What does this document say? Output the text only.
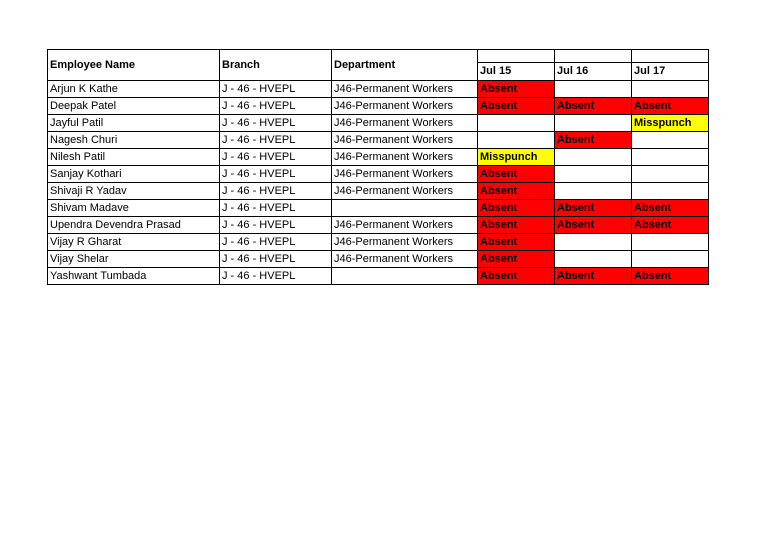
Employee Name	Branch	Department			
			Jul 15	Jul 16	Jul 17
Arjun K Kathe	J - 46 - HVEPL	J46-Permanent Workers	Absent		
Deepak Patel	J - 46 - HVEPL	J46-Permanent Workers	Absent	Absent	Absent
Jayful Patil	J - 46 - HVEPL	J46-Permanent Workers			Misspunch
Nagesh Churi	J - 46 - HVEPL	J46-Permanent Workers		Absent	
Nilesh Patil	J - 46 - HVEPL	J46-Permanent Workers	Misspunch		
Sanjay Kothari	J - 46 - HVEPL	J46-Permanent Workers	Absent		
Shivaji R Yadav	J - 46 - HVEPL	J46-Permanent Workers	Absent		
Shivam Madave	J - 46 - HVEPL		Absent	Absent	Absent
Upendra Devendra Prasad	J - 46 - HVEPL	J46-Permanent Workers	Absent	Absent	Absent
Vijay R Gharat	J - 46 - HVEPL	J46-Permanent Workers	Absent		
Vijay Shelar	J - 46 - HVEPL	J46-Permanent Workers	Absent		
Yashwant Tumbada	J - 46 - HVEPL		Absent	Absent	Absent
